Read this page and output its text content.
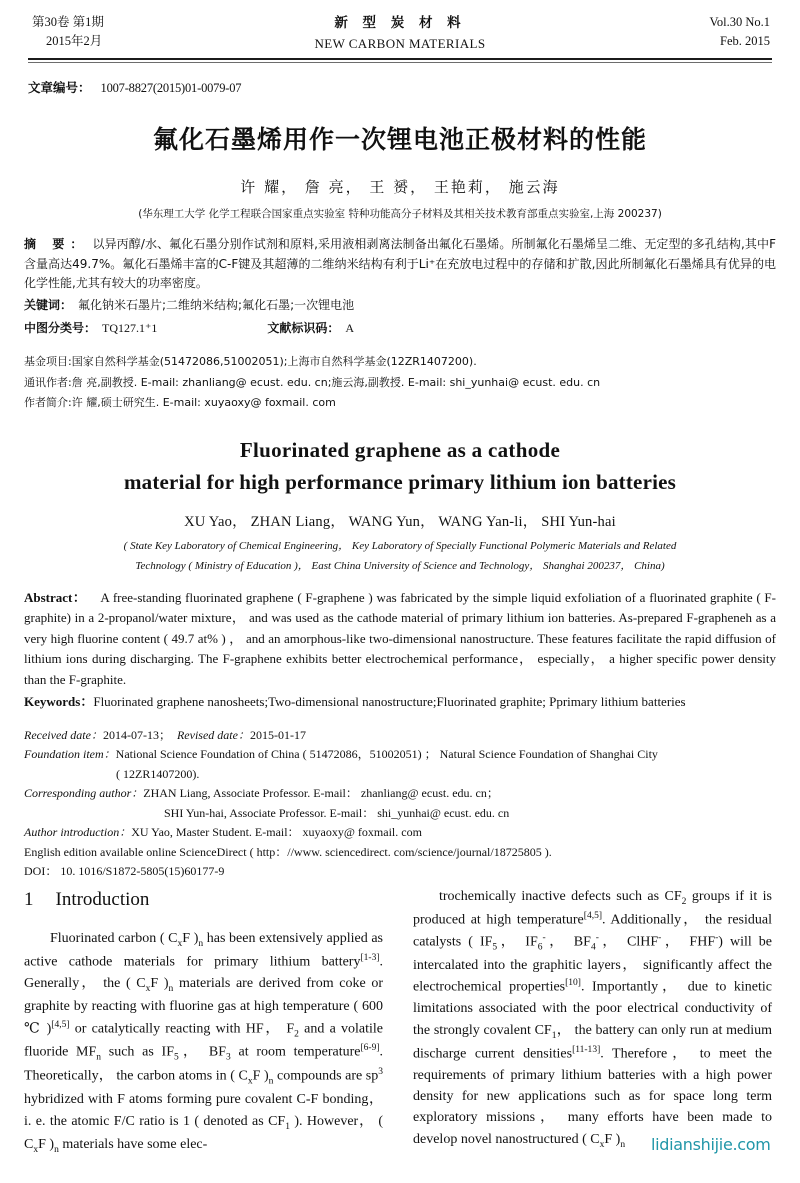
第30卷 第1期
2015年2月
新 型 炭 材 料
NEW CARBON MATERIALS
Vol.30 No.1
Feb. 2015
文章编号： 1007-8827(2015)01-0079-07
氟化石墨烯用作一次锂电池正极材料的性能
许 耀， 詹 亮， 王 赟， 王艳莉， 施云海
(华东理工大学 化学工程联合国家重点实验室 特种功能高分子材料及其相关技术教育部重点实验室,上海 200237)
摘 要： 以异丙醇/水、氟化石墨分别作试剂和原料,采用液相剥离法制备出氟化石墨烯。所制氟化石墨烯呈二维、无定型的多孔结构,其中F含量高达49.7%。氟化石墨烯丰富的C-F键及其超薄的二维纳米结构有利于Li⁺在充放电过程中的存储和扩散,因此所制氟化石墨烯具有优异的电化学性能,尤其有较大的功率密度。
关键词： 氟化钠米石墨片;二维纳米结构;氟化石墨;一次锂电池
中图分类号： TQ127.1⁺1	文献标识码： A
基金项目:国家自然科学基金(51472086,51002051);上海市自然科学基金(12ZR1407200).
通讯作者:詹 亮,副教授. E-mail: zhanliang@ ecust. edu. cn;施云海,副教授. E-mail: shi_yunhai@ ecust. edu. cn
作者简介:许 耀,硕士研究生. E-mail: xuyaoxy@ foxmail. com
Fluorinated graphene as a cathode
material for high performance primary lithium ion batteries
XU Yao， ZHAN Liang， WANG Yun， WANG Yan-li， SHI Yun-hai
( State Key Laboratory of Chemical Engineering， Key Laboratory of Specially Functional Polymeric Materials and Related
Technology ( Ministry of Education )， East China University of Science and Technology， Shanghai 200237， China)
Abstract： A free-standing fluorinated graphene ( F-graphene ) was fabricated by the simple liquid exfoliation of a fluorinated graphite ( F-graphite) in a 2-propanol/water mixture， and was used as the cathode material of primary lithium ion batteries. As-prepared F-grapheneh as a very high fluorine content ( 49.7 at% ) ， and an amorphous-like two-dimensional nanostructure. These features facilitate the rapid diffusion of lithium ions during discharging. The F-graphene exhibits better electrochemical performance， especially， a higher specific power density than the F-graphite.
Keywords：Fluorinated graphene nanosheets;Two-dimensional nanostructure;Fluorinated graphite; Pprimary lithium batteries
Received date：2014-07-13； Revised date：2015-01-17
Foundation item：National Science Foundation of China ( 51472086，51002051) ； Natural Science Foundation of Shanghai City
( 12ZR1407200).
Corresponding author：ZHAN Liang, Associate Professor. E-mail： zhanliang@ ecust. edu. cn；
SHI Yun-hai, Associate Professor. E-mail： shi_yunhai@ ecust. edu. cn
Author introduction：XU Yao, Master Student. E-mail： xuyaoxy@ foxmail. com
English edition available online ScienceDirect ( http：//www. sciencedirect. com/science/journal/18725805 ).
DOI： 10. 1016/S1872-5805(15)60177-9
1 Introduction

Fluorinated carbon ( $C_xF$ )$_n$ has been extensively applied as active cathode materials for primary lithium battery[1-3]. Generally， the ( $C_xF$ )$_n$ materials are derived from coke or graphite by reacting with fluorine gas at high temperature ( 600 ℃ )[4,5] or catalytically reacting with HF， $F_2$ and a volatile fluoride $MF_n$ such as $IF_5$， $BF_3$ at room temperature[6-9]. Theoretically， the carbon atoms in ( $C_xF$ )$_n$ compounds are $sp^3$ hybridized with F atoms forming pure covalent C-F bonding， i. e. the atomic F/C ratio is 1 ( denoted as $CF_1$ ). However， ( $C_xF$ )$_n$ materials have some elec-

trochemically inactive defects such as $CF_2$ groups if it is produced at high temperature[4,5]. Additionally， the residual catalysts ( $IF_5$， $IF_6^-$， $BF_4^-$， ClHF-， FHF-) will be intercalated into the graphitic layers， significantly affect the electrochemical properties[10]. Importantly， due to kinetic limitations associated with the poor electrical conductivity of the strongly covalent $CF_1$， the battery can only run at medium discharge current densities[11-13]. Therefore， to meet the requirements of primary lithium batteries with a high power density for new applications such as for space long term exploratory missions， many efforts have been made to develop novel nanostructured ( $C_xF$ )$_n$	lidianshijie.com
